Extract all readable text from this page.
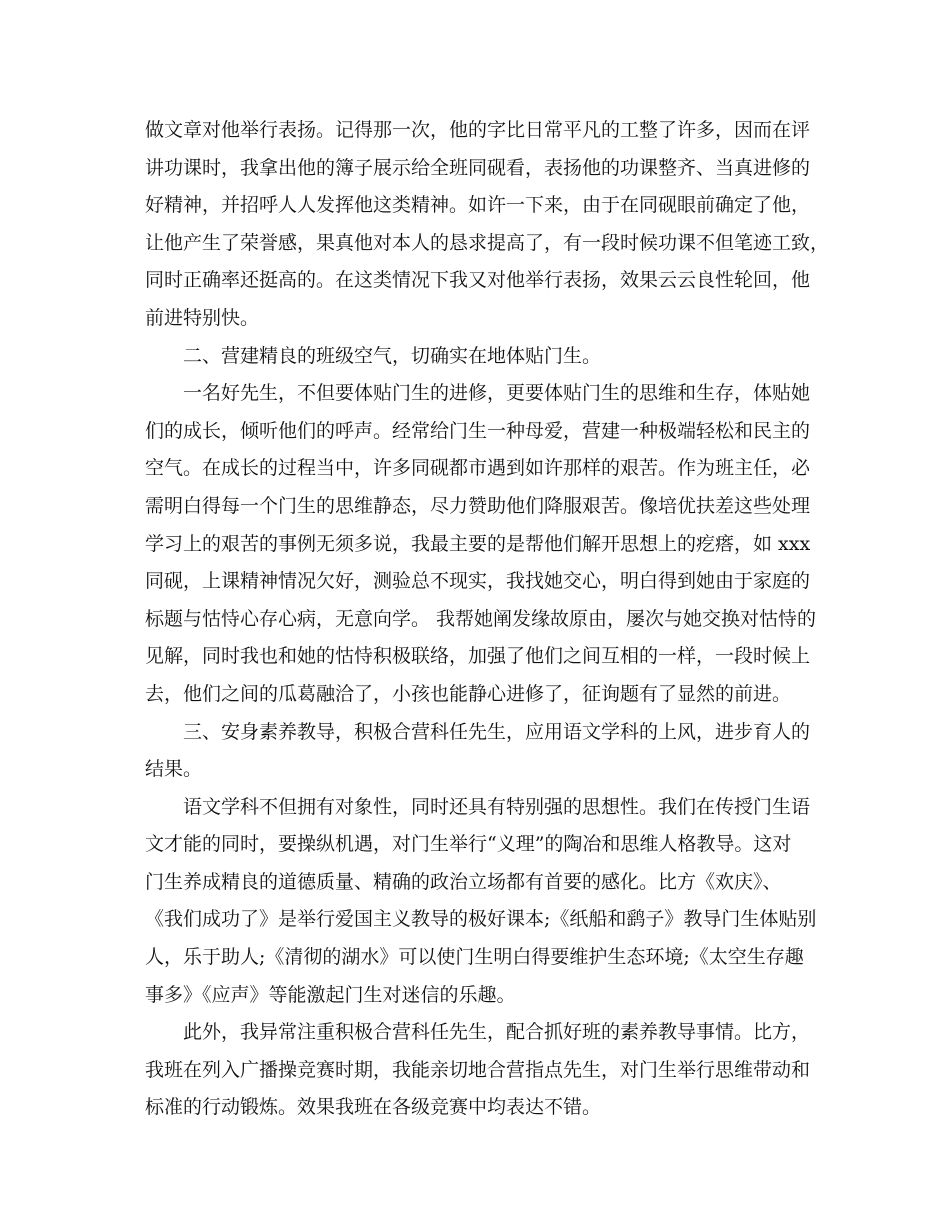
做文章对他举行表扬。记得那一次，他的字比日常平凡的工整了许多，因而在评
讲功课时，我拿出他的簿子展示给全班同砚看，表扬他的功课整齐、当真进修的
好精神，并招呼人人发挥他这类精神。如许一下来，由于在同砚眼前确定了他，
让他产生了荣誉感，果真他对本人的恳求提高了，有一段时候功课不但笔迹工致，
同时正确率还挺高的。在这类情况下我又对他举行表扬，效果云云良性轮回，他
前进特别快。
二、营建精良的班级空气，切确实在地体贴门生。
一名好先生，不但要体贴门生的进修，更要体贴门生的思维和生存，体贴她
们的成长，倾听他们的呼声。经常给门生一种母爱，营建一种极端轻松和民主的
空气。在成长的过程当中，许多同砚都市遇到如许那样的艰苦。作为班主任，必
需明白得每一个门生的思维静态，尽力赞助他们降服艰苦。像培优扶差这些处理
学习上的艰苦的事例无须多说，我最主要的是帮他们解开思想上的疙瘩，如 xxx
同砚，上课精神情况欠好，测验总不现实，我找她交心，明白得到她由于家庭的
标题与怙恃心存心病，无意向学。 我帮她阐发缘故原由，屡次与她交换对怙恃的
见解，同时我也和她的怙恃积极联络，加强了他们之间互相的一样，一段时候上
去，他们之间的瓜葛融洽了，小孩也能静心进修了，征询题有了显然的前进。
三、安身素养教导，积极合营科任先生，应用语文学科的上风，进步育人的
结果。
语文学科不但拥有对象性，同时还具有特别强的思想性。我们在传授门生语
文才能的同时，要操纵机遇，对门生举行“义理”的陶冶和思维人格教导。这对
门生养成精良的道德质量、精确的政治立场都有首要的感化。比方《欢庆》、
《我们成功了》是举行爱国主义教导的极好课本;《纸船和鹞子》教导门生体贴别
人，乐于助人;《清彻的湖水》可以使门生明白得要维护生态环境;《太空生存趣
事多》《应声》等能激起门生对迷信的乐趣。
此外，我异常注重积极合营科任先生，配合抓好班的素养教导事情。比方，
我班在列入广播操竞赛时期，我能亲切地合营指点先生，对门生举行思维带动和
标准的行动锻炼。效果我班在各级竞赛中均表达不错。
